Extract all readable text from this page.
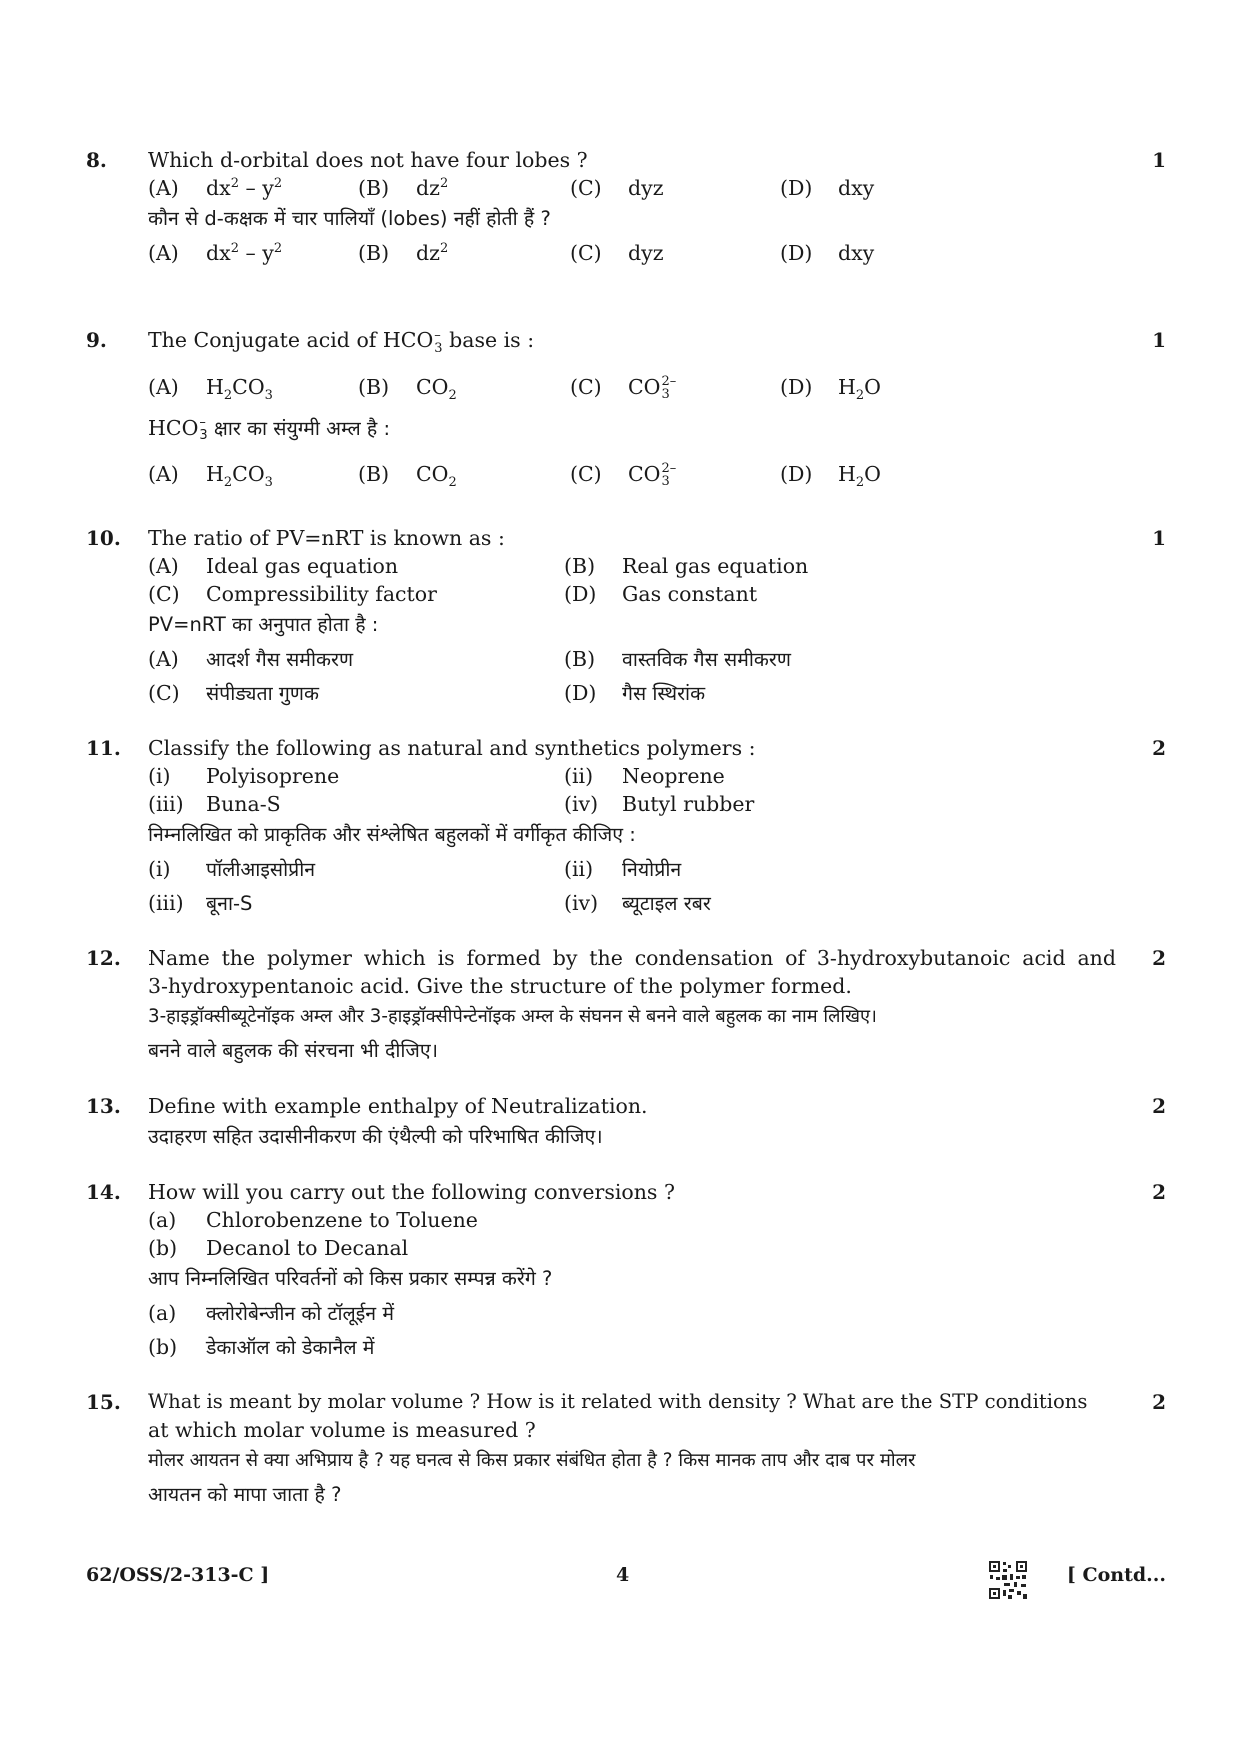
8.	1
Which d-orbital does not have four lobes ?
(A) $dx^2 - y^2$	(B) $dz^2$	(C) dyz	(D) dxy
कौन से d-कक्षक में चार पालियाँ (lobes) नहीं होती हैं ?
(A) $dx^2 - y^2$	(B) $dz^2$	(C) dyz	(D) dxy
9.	1
The Conjugate acid of HCO –
3 base is :
(A) $H_2CO_3$	(B) $CO_2$	(C) CO 2–
3	(D) $H_2O$
HCO –
3 क्षार का संयुग्मी अम्ल है :
(A) $H_2CO_3$	(B) $CO_2$	(C) CO 2–
3	(D) $H_2O$
10.	1
The ratio of PV=nRT is known as :
(A) Ideal gas equation	(B) Real gas equation
(C) Compressibility factor	(D) Gas constant
PV=nRT का अनुपात होता है :
(A) आदर्श गैस समीकरण	(B) वास्तविक गैस समीकरण
(C) संपीड्यता गुणक	(D) गैस स्थिरांक
11.	2
Classify the following as natural and synthetics polymers :
(i) Polyisoprene	(ii) Neoprene
(iii) Buna-S	(iv) Butyl rubber
निम्नलिखित को प्राकृतिक और संश्लेषित बहुलकों में वर्गीकृत कीजिए :
(i) पॉलीआइसोप्रीन	(ii) नियोप्रीन
(iii) बूना-S	(iv) ब्यूटाइल रबर
12.	2
Name the polymer which is formed by the condensation of 3-hydroxybutanoic acid and
3-hydroxypentanoic acid. Give the structure of the polymer formed.
3-हाइड्रॉक्सीब्यूटेनॉइक अम्ल और 3-हाइड्रॉक्सीपेन्टेनॉइक अम्ल के संघनन से बनने वाले बहुलक का नाम लिखिए।
बनने वाले बहुलक की संरचना भी दीजिए।
13.	2
Define with example enthalpy of Neutralization.
उदाहरण सहित उदासीनीकरण की एंथैल्पी को परिभाषित कीजिए।
14.	2
How will you carry out the following conversions ?
(a) Chlorobenzene to Toluene
(b) Decanol to Decanal
आप निम्नलिखित परिवर्तनों को किस प्रकार सम्पन्न करेंगे ?
(a) क्लोरोबेन्जीन को टॉलूईन में
(b) डेकाऑल को डेकानैल में
15.	2
What is meant by molar volume ? How is it related with density ? What are the STP conditions
at which molar volume is measured ?
मोलर आयतन से क्या अभिप्राय है ? यह घनत्व से किस प्रकार संबंधित होता है ? किस मानक ताप और दाब पर मोलर
आयतन को मापा जाता है ?
62/OSS/2-313-C ]	4	[ Contd...
